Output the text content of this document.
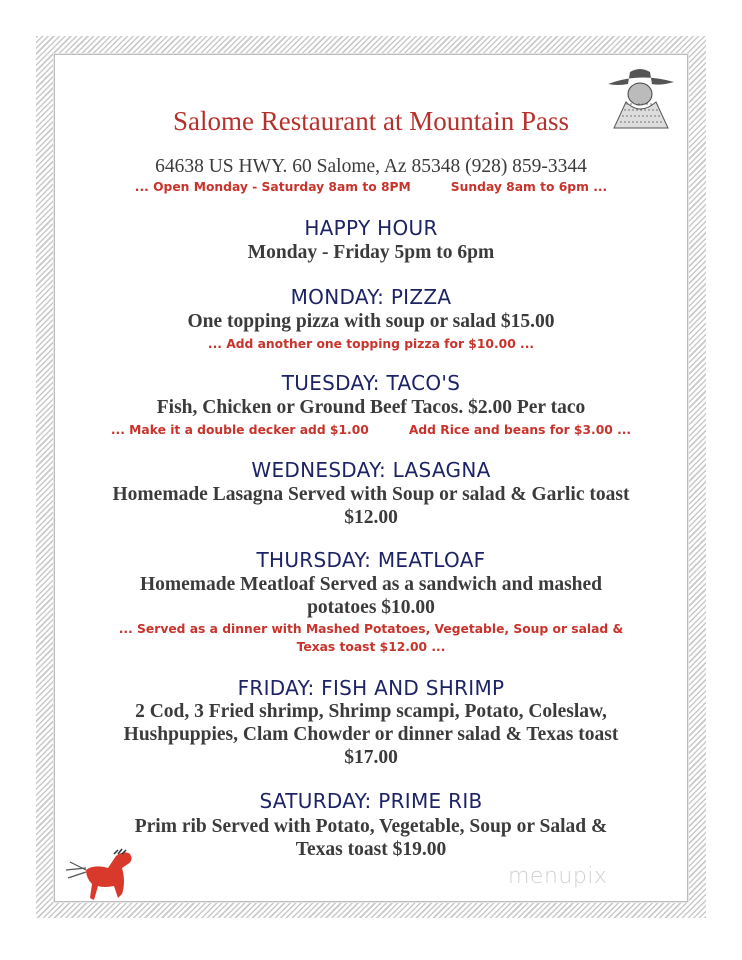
Salome Restaurant at Mountain Pass
64638 US HWY. 60 Salome, Az 85348 (928) 859-3344
... Open Monday - Saturday 8am to 8PM	Sunday 8am to 6pm ...
HAPPY HOUR
Monday - Friday 5pm to 6pm
MONDAY: PIZZA
One topping pizza with soup or salad $15.00
... Add another one topping pizza for $10.00 ...
TUESDAY: TACO'S
Fish, Chicken or Ground Beef Tacos. $2.00 Per taco
... Make it a double decker add $1.00	Add Rice and beans for $3.00 ...
WEDNESDAY: LASAGNA
Homemade Lasagna Served with Soup or salad & Garlic toast
$12.00
THURSDAY: MEATLOAF
Homemade Meatloaf Served as a sandwich and mashed
potatoes $10.00
... Served as a dinner with Mashed Potatoes, Vegetable, Soup or salad &
Texas toast $12.00 ...
FRIDAY: FISH AND SHRIMP
2 Cod, 3 Fried shrimp, Shrimp scampi, Potato, Coleslaw,
Hushpuppies, Clam Chowder or dinner salad & Texas toast
$17.00
SATURDAY: PRIME RIB
Prim rib Served with Potato, Vegetable, Soup or Salad &
Texas toast $19.00
menupix
